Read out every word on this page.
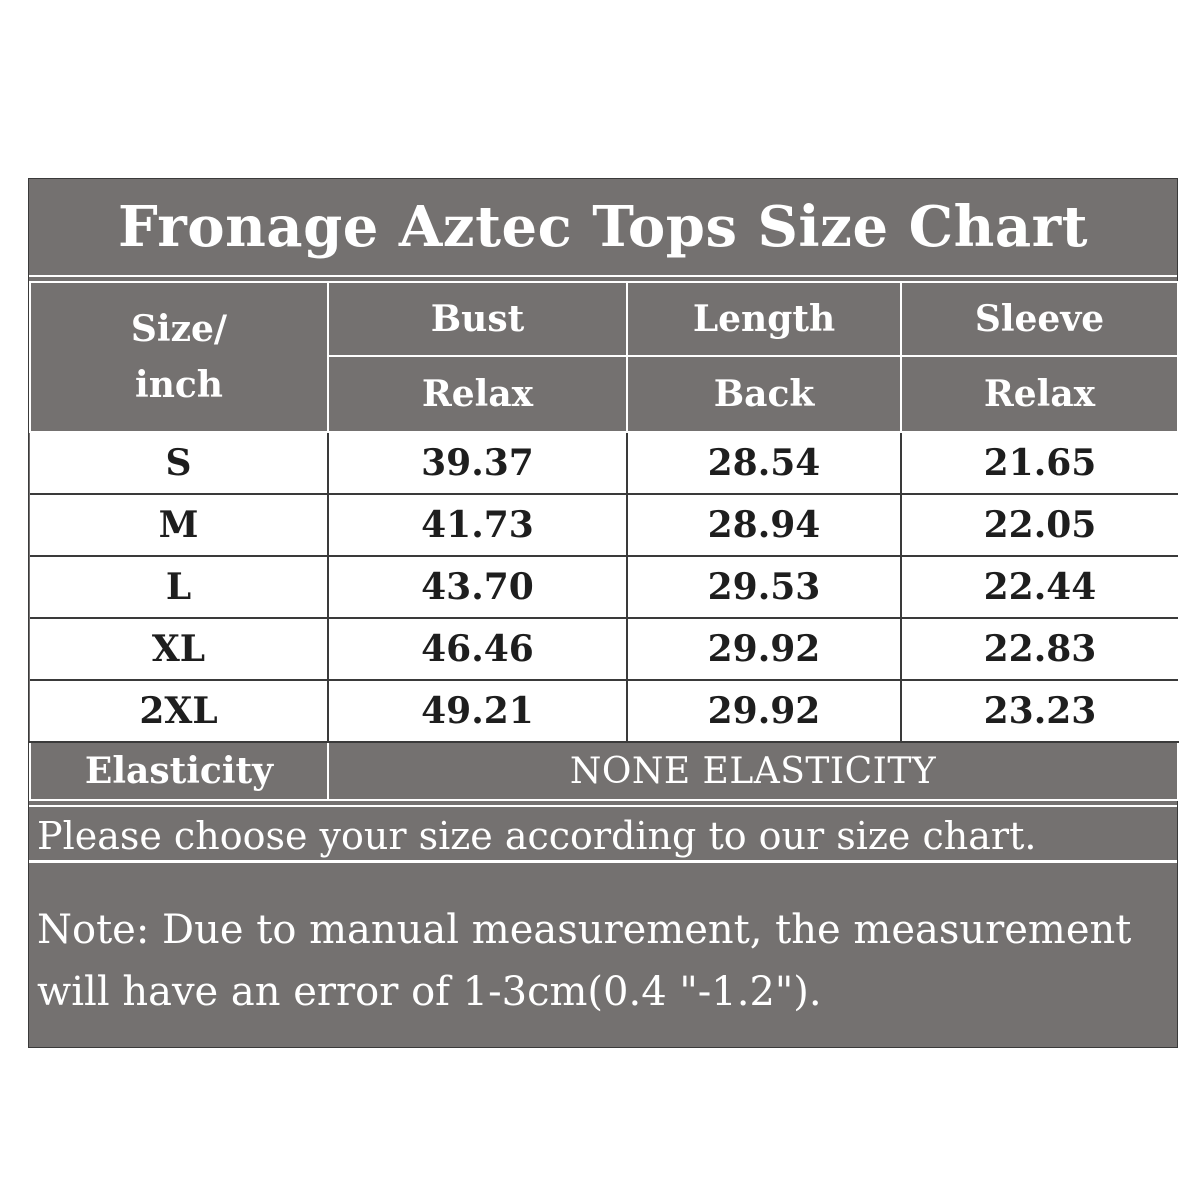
Fronage Aztec Tops Size Chart
Size/
inch	Bust	Length	Sleeve
	Relax	Back	Relax
S	39.37	28.54	21.65
M	41.73	28.94	22.05
L	43.70	29.53	22.44
XL	46.46	29.92	22.83
2XL	49.21	29.92	23.23
Elasticity	NONE ELASTICITY		
Please choose your size according to our size chart.
Note: Due to manual measurement, the measurement
will have an error of 1-3cm(0.4 "-1.2").
